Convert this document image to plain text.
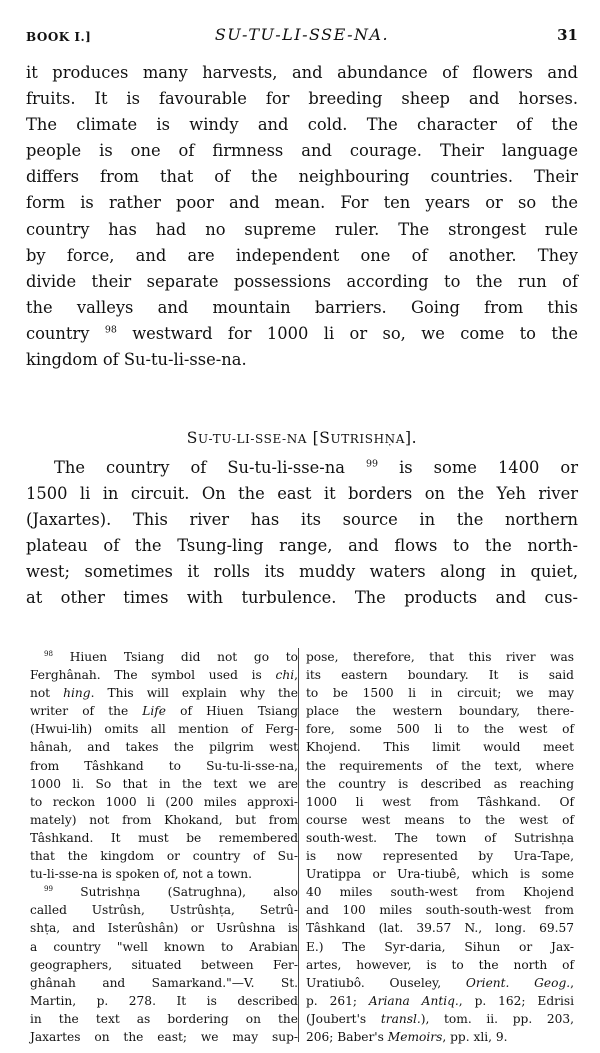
BOOK I.]	SU-TU-LI-SSE-NA.	31
it produces many harvests, and abundance of flowers and
fruits. It is favourable for breeding sheep and horses.
The climate is windy and cold. The character of the
people is one of firmness and courage. Their language
differs from that of the neighbouring countries. Their
form is rather poor and mean. For ten years or so the
country has had no supreme ruler. The strongest rule
by force, and are independent one of another. They
divide their separate possessions according to the run of
the valleys and mountain barriers. Going from this
country $^{98}$ westward for 1000 li or so, we come to the
kingdom of Su-tu-li-sse-na.
SU-TU-LI-SSE-NA [SUTRISHṆA].
The country of Su-tu-li-sse-na $^{99}$ is some 1400 or
1500 li in circuit. On the east it borders on the Yeh river
(Jaxartes). This river has its source in the northern
plateau of the Tsung-ling range, and flows to the north-
west; sometimes it rolls its muddy waters along in quiet,
at other times with turbulence. The products and cus-
$^{98}$ Hiuen Tsiang did not go to
Ferghânah. The symbol used is chi,
not hing. This will explain why the
writer of the Life of Hiuen Tsiang
(Hwui-lih) omits all mention of Ferg-
hânah, and takes the pilgrim west
from Tâshkand to Su-tu-li-sse-na,
1000 li. So that in the text we are
to reckon 1000 li (200 miles approxi-
mately) not from Khokand, but from
Tâshkand. It must be remembered
that the kingdom or country of Su-
tu-li-sse-na is spoken of, not a town.
$^{99}$ Sutrishṇa (Satrughna), also
called Ustrûsh, Ustrûshṭa, Setrû-
shṭa, and Isterûshân) or Usrûshna is
a country "well known to Arabian
geographers, situated between Fer-
ghânah and Samarkand."—V. St.
Martin, p. 278. It is described
in the text as bordering on the
Jaxartes on the east; we may sup-
pose, therefore, that this river was
its eastern boundary. It is said
to be 1500 li in circuit; we may
place the western boundary, there-
fore, some 500 li to the west of
Khojend. This limit would meet
the requirements of the text, where
the country is described as reaching
1000 li west from Tâshkand. Of
course west means to the west of
south-west. The town of Sutrishṇa
is now represented by Ura-Tape,
Uratippa or Ura-tiubê, which is some
40 miles south-west from Khojend
and 100 miles south-south-west from
Tâshkand (lat. 39.57 N., long. 69.57
E.) The Syr-daria, Sihun or Jax-
artes, however, is to the north of
Uratiubô. Ouseley, Orient. Geog.,
p. 261; Ariana Antiq., p. 162; Edrisi
(Joubert's transl.), tom. ii. pp. 203,
206; Baber's Memoirs, pp. xli, 9.
